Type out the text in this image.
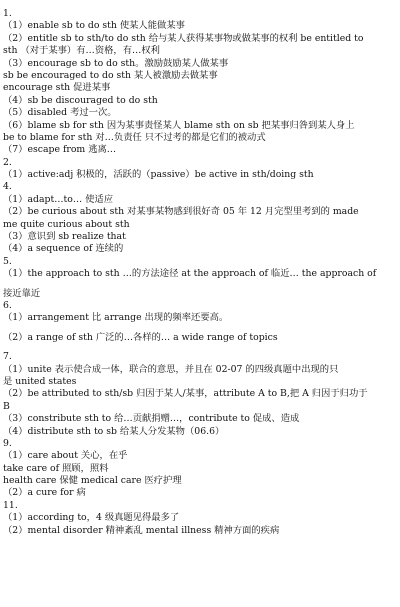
1.
（1）enable sb to do sth 使某人能做某事
（2）entitle sb to sth/to do sth 给与某人获得某事物或做某事的权利 be entitled to
sth （对于某事）有…资格，有…权利
（3）encourage sb to do sth。激励鼓励某人做某事
sb be encouraged to do sth 某人被激励去做某事
encourage sth 促进某事
（4）sb be discouraged to do sth
（5）disabled 考过一次。
（6）blame sb for sth 因为某事责怪某人 blame sth on sb 把某事归咎到某人身上
be to blame for sth 对…负责任 只不过考的都是它们的被动式
（7）escape from 逃离…
2.
（1）active:adj 积极的，活跃的（passive）be active in sth/doing sth
4.
（1）adapt…to… 使适应
（2）be curious about sth 对某事某物感到很好奇 05 年 12 月完型里考到的 made
me quite curious about sth
（3）意识到 sb realize that
（4）a sequence of 连续的
5.
（1）the approach to sth …的方法途径 at the approach of 临近… the approach of
接近靠近
6.
（1）arrangement 比 arrange 出现的频率还要高。
（2）a range of sth 广泛的…各样的… a wide range of topics
7.
（1）unite 表示使合成一体，联合的意思，并且在 02-07 的四级真题中出现的只
是 united states
（2）be attributed to sth/sb 归因于某人/某事，attribute A to B,把 A 归因于归功于
B
（3）constribute sth to 给…贡献捐赠…，contribute to 促成、造成
（4）distribute sth to sb 给某人分发某物（06.6）
9.
（1）care about 关心，在乎
take care of 照顾，照料
health care 保健 medical care 医疗护理
（2）a cure for 病
11.
（1）according to，4 级真题见得最多了
（2）mental disorder 精神紊乱 mental illness 精神方面的疾病
